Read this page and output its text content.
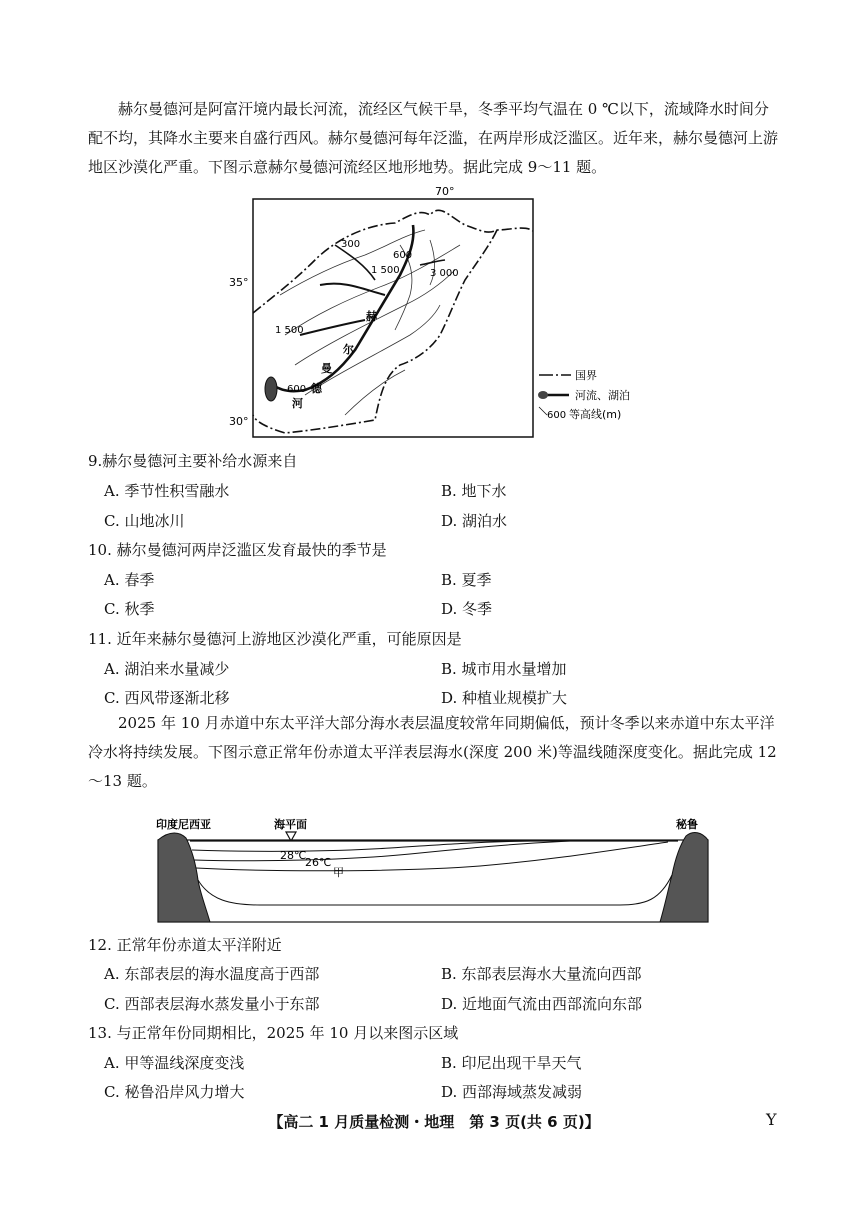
赫尔曼德河是阿富汗境内最长河流，流经区气候干旱，冬季平均气温在 0 ℃以下，流域降水时间分配不均，其降水主要来自盛行西风。赫尔曼德河每年泛滥，在两岸形成泛滥区。近年来，赫尔曼德河上游地区沙漠化严重。下图示意赫尔曼德河流经区地形地势。据此完成 9～11 题。
70°
35°
30°
300
600
1 500	3 000
1 500
600
赫
尔
曼
德
河
国界
河流、湖泊
600 等高线(m)
9.赫尔曼德河主要补给水源来自
A. 季节性积雪融水	B. 地下水
C. 山地冰川	D. 湖泊水
10. 赫尔曼德河两岸泛滥区发育最快的季节是
A. 春季	B. 夏季
C. 秋季	D. 冬季
11. 近年来赫尔曼德河上游地区沙漠化严重，可能原因是
A. 湖泊来水量减少	B. 城市用水量增加
C. 西风带逐渐北移	D. 种植业规模扩大
2025 年 10 月赤道中东太平洋大部分海水表层温度较常年同期偏低，预计冬季以来赤道中东太平洋冷水将持续发展。下图示意正常年份赤道太平洋表层海水(深度 200 米)等温线随深度变化。据此完成 12～13 题。
印度尼西亚	海平面	秘鲁
28℃
26℃
甲
12. 正常年份赤道太平洋附近
A. 东部表层的海水温度高于西部	B. 东部表层海水大量流向西部
C. 西部表层海水蒸发量小于东部	D. 近地面气流由西部流向东部
13. 与正常年份同期相比，2025 年 10 月以来图示区域
A. 甲等温线深度变浅	B. 印尼出现干旱天气
C. 秘鲁沿岸风力增大	D. 西部海域蒸发减弱
【高二 1 月质量检测・地理　第 3 页(共 6 页)】	Y
